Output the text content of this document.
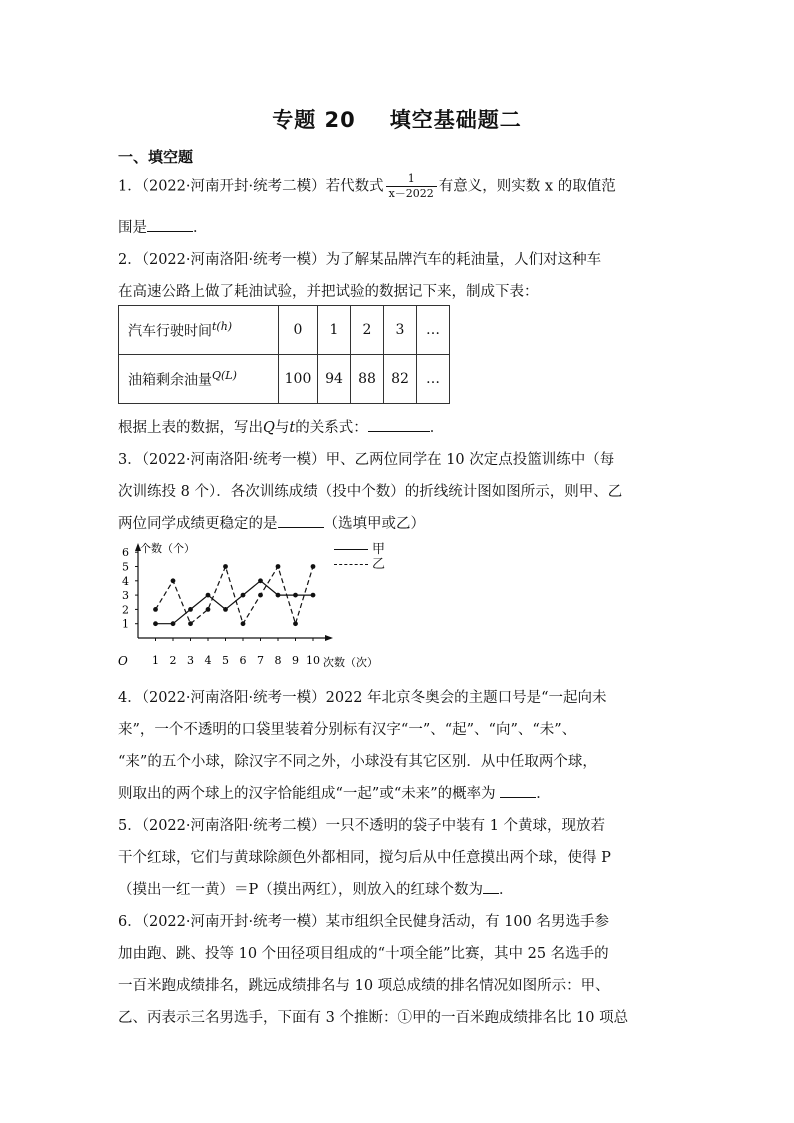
专题 20 填空基础题二
一、填空题
1．（2022·河南开封·统考二模）若代数式 $\frac{1}{x-2022}$ 有意义，则实数 x 的取值范
围是	．
2．（2022·河南洛阳·统考一模）为了解某品牌汽车的耗油量，人们对这种车
在高速公路上做了耗油试验，并把试验的数据记下来，制成下表：
汽车行驶时间$^{t(h)}$	0	1	2	3	…
油箱剩余油量$^{Q(L)}$	100	94	88	82	…
根据上表的数据，写出Q与t的关系式：	．
3．（2022·河南洛阳·统考一模）甲、乙两位同学在 10 次定点投篮训练中（每
次训练投 8 个）．各次训练成绩（投中个数）的折线统计图如图所示，则甲、乙
两位同学成绩更稳定的是	（选填甲或乙）
O
个数（个）
次数（次）
1
2
3
4
5
6
1 2 3 4 5 6 7 8 9 10
甲
乙
4．（2022·河南洛阳·统考一模）2022 年北京冬奥会的主题口号是“一起向未
来”，一个不透明的口袋里装着分别标有汉字“一”、“起”、“向”、“未”、
“来”的五个小球，除汉字不同之外，小球没有其它区别．从中任取两个球，
则取出的两个球上的汉字恰能组成“一起”或“未来”的概率为	．
5．（2022·河南洛阳·统考二模）一只不透明的袋子中装有 1 个黄球，现放若
干个红球，它们与黄球除颜色外都相同，搅匀后从中任意摸出两个球，使得 P
（摸出一红一黄）＝P（摸出两红），则放入的红球个数为 ．
6．（2022·河南开封·统考一模）某市组织全民健身活动，有 100 名男选手参
加由跑、跳、投等 10 个田径项目组成的“十项全能”比赛，其中 25 名选手的
一百米跑成绩排名，跳远成绩排名与 10 项总成绩的排名情况如图所示：甲、
乙、丙表示三名男选手，下面有 3 个推断：①甲的一百米跑成绩排名比 10 项总
